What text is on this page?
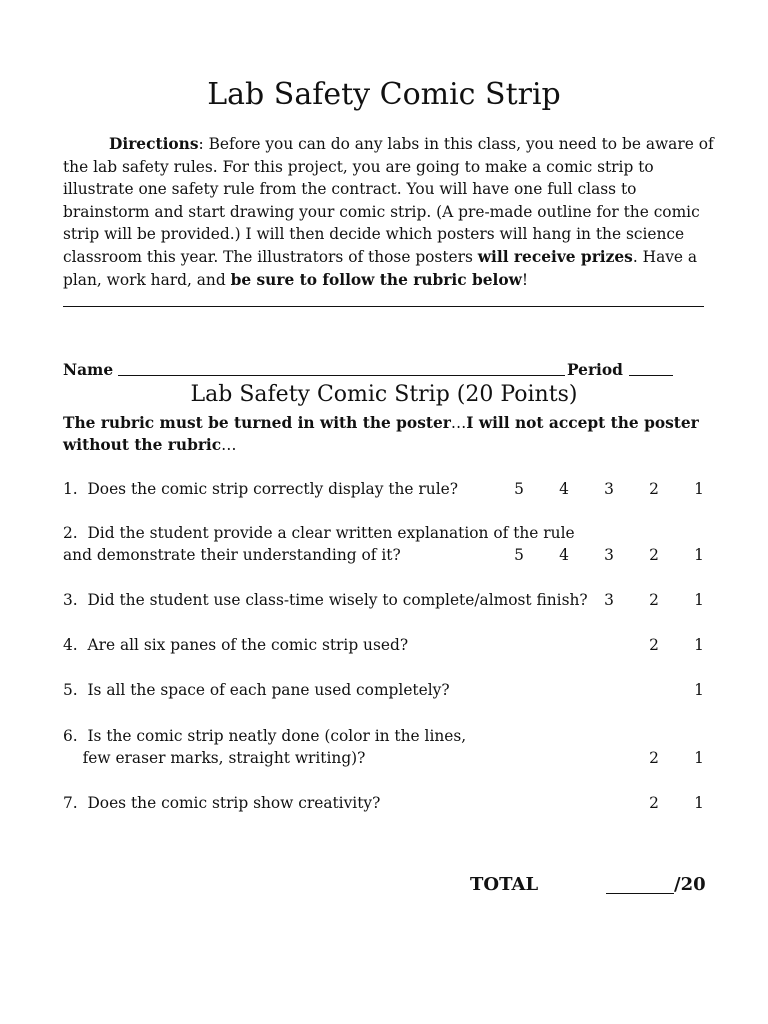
Lab Safety Comic Strip
Directions: Before you can do any labs in this class, you need to be aware of
the lab safety rules. For this project, you are going to make a comic strip to
illustrate one safety rule from the contract. You will have one full class to
brainstorm and start drawing your comic strip. (A pre-made outline for the comic
strip will be provided.) I will then decide which posters will hang in the science
classroom this year. The illustrators of those posters will receive prizes. Have a
plan, work hard, and be sure to follow the rubric below!
Name	Period
Lab Safety Comic Strip (20 Points)
The rubric must be turned in with the poster…I will not accept the poster
without the rubric…
1.  Does the comic strip correctly display the rule?	5	4	3	2	1
2.  Did the student provide a clear written explanation of the rule
and demonstrate their understanding of it?	5	4	3	2	1
3.  Did the student use class-time wisely to complete/almost finish?	3	2	1
4.  Are all six panes of the comic strip used?	2	1
5.  Is all the space of each pane used completely?	1
6.  Is the comic strip neatly done (color in the lines,
few eraser marks, straight writing)?	2	1
7.  Does the comic strip show creativity?	2	1
TOTAL	/20
